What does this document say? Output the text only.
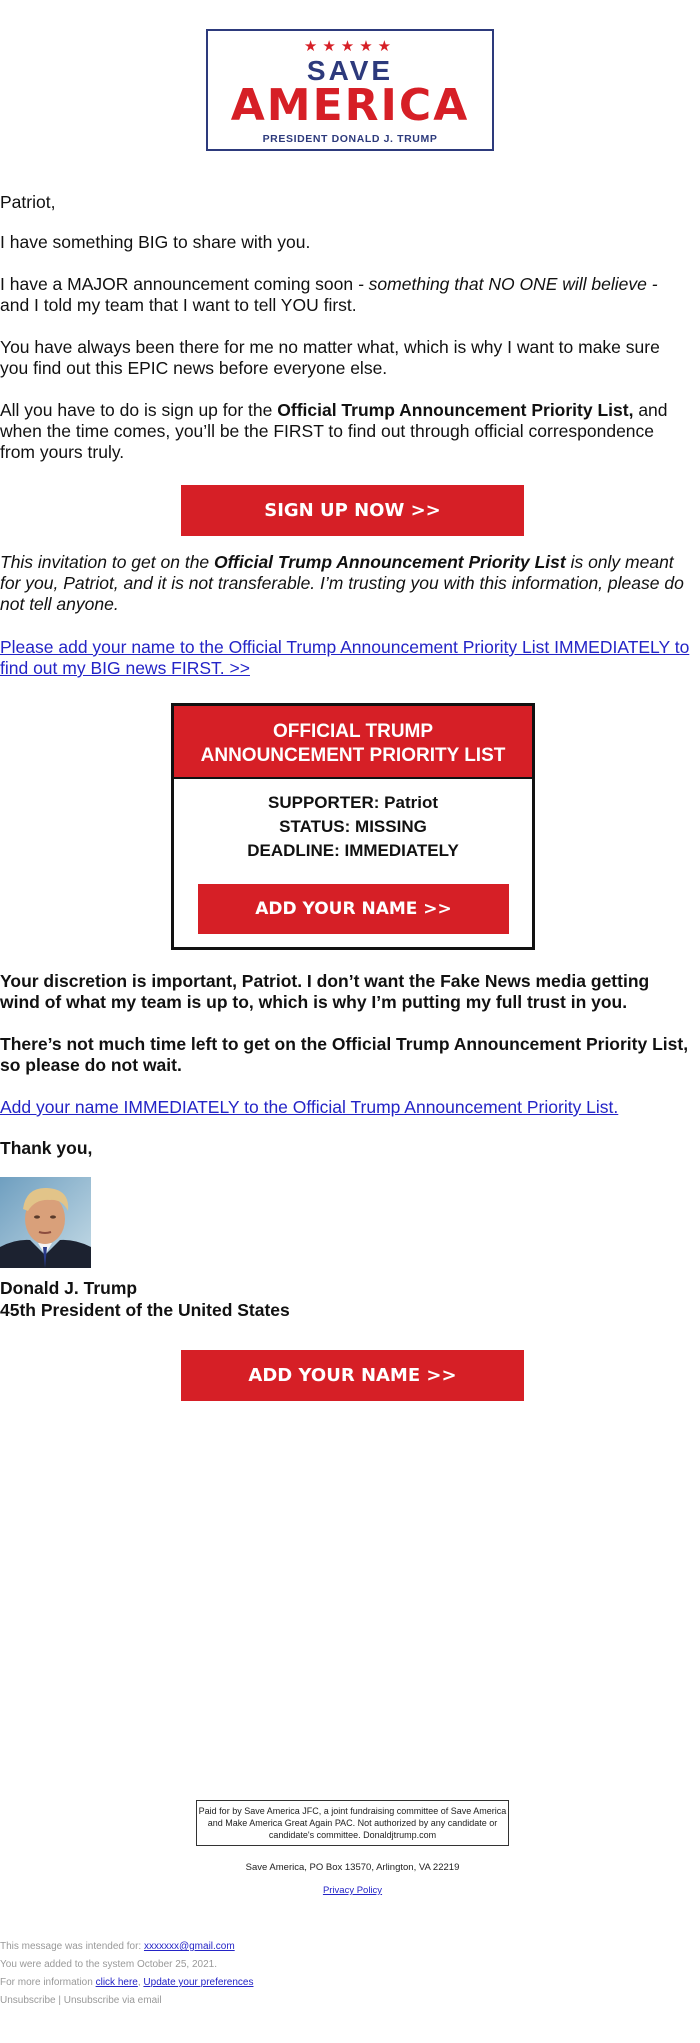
★★★★★
SAVE
AMERICA
PRESIDENT DONALD J. TRUMP

Patriot,

I have something BIG to share with you.

I have a MAJOR announcement coming soon - something that NO ONE will believe - and I told my team that I want to tell YOU first.

You have always been there for me no matter what, which is why I want to make sure you find out this EPIC news before everyone else.

All you have to do is sign up for the Official Trump Announcement Priority List, and when the time comes, you’ll be the FIRST to find out through official correspondence from yours truly.

SIGN UP NOW >>

This invitation to get on the Official Trump Announcement Priority List is only meant for you, Patriot, and it is not transferable. I’m trusting you with this information, please do not tell anyone.

Please add your name to the Official Trump Announcement Priority List IMMEDIATELY to find out my BIG news FIRST. >>

OFFICIAL TRUMP
ANNOUNCEMENT PRIORITY LIST
SUPPORTER: Patriot
STATUS: MISSING
DEADLINE: IMMEDIATELY
ADD YOUR NAME >>

Your discretion is important, Patriot. I don’t want the Fake News media getting wind of what my team is up to, which is why I’m putting my full trust in you.

There’s not much time left to get on the Official Trump Announcement Priority List, so please do not wait.

Add your name IMMEDIATELY to the Official Trump Announcement Priority List.

Thank you,

Donald J. Trump

45th President of the United States

ADD YOUR NAME >>
Paid for by Save America JFC, a joint fundraising committee of Save America and Make America Great Again PAC. Not authorized by any candidate or candidate's committee. Donaldjtrump.com
Save America, PO Box 13570, Arlington, VA 22219
Privacy Policy
This message was intended for: xxxxxxx@gmail.com
You were added to the system October 25, 2021.
For more information click here, Update your preferences
Unsubscribe | Unsubscribe via email
